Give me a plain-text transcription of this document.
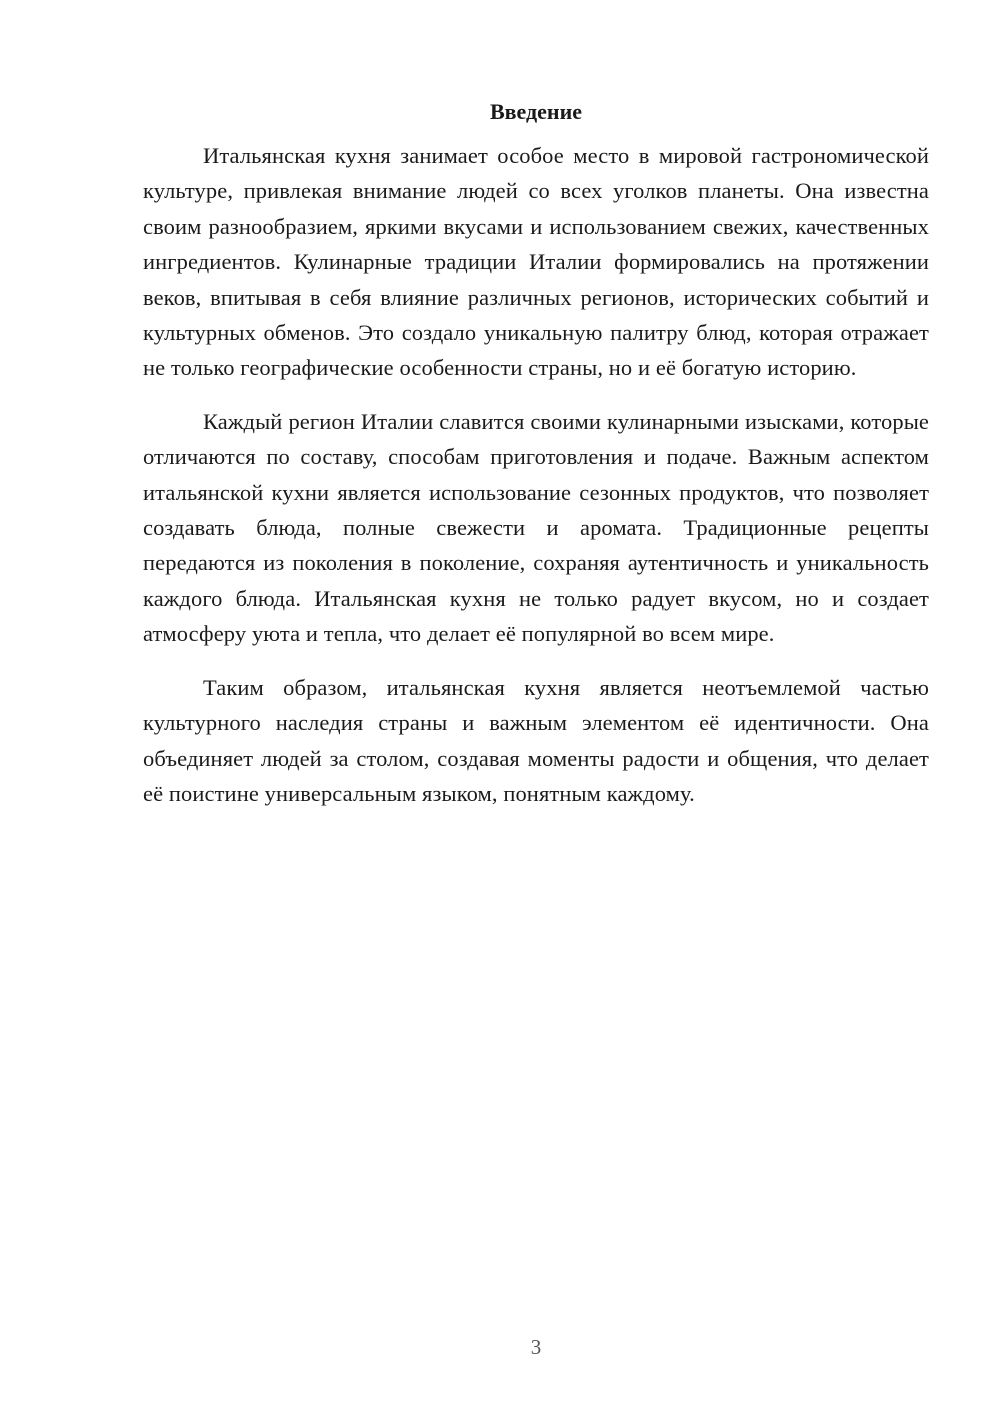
Введение

Итальянская кухня занимает особое место в мировой гастрономической культуре, привлекая внимание людей со всех уголков планеты. Она известна своим разнообразием, яркими вкусами и использованием свежих, качественных ингредиентов. Кулинарные традиции Италии формировались на протяжении веков, впитывая в себя влияние различных регионов, исторических событий и культурных обменов. Это создало уникальную палитру блюд, которая отражает не только географические особенности страны, но и её богатую историю.

Каждый регион Италии славится своими кулинарными изысками, которые отличаются по составу, способам приготовления и подаче. Важным аспектом итальянской кухни является использование сезонных продуктов, что позволяет создавать блюда, полные свежести и аромата. Традиционные рецепты передаются из поколения в поколение, сохраняя аутентичность и уникальность каждого блюда. Итальянская кухня не только радует вкусом, но и создает атмосферу уюта и тепла, что делает её популярной во всем мире.

Таким образом, итальянская кухня является неотъемлемой частью культурного наследия страны и важным элементом её идентичности. Она объединяет людей за столом, создавая моменты радости и общения, что делает её поистине универсальным языком, понятным каждому.

3
